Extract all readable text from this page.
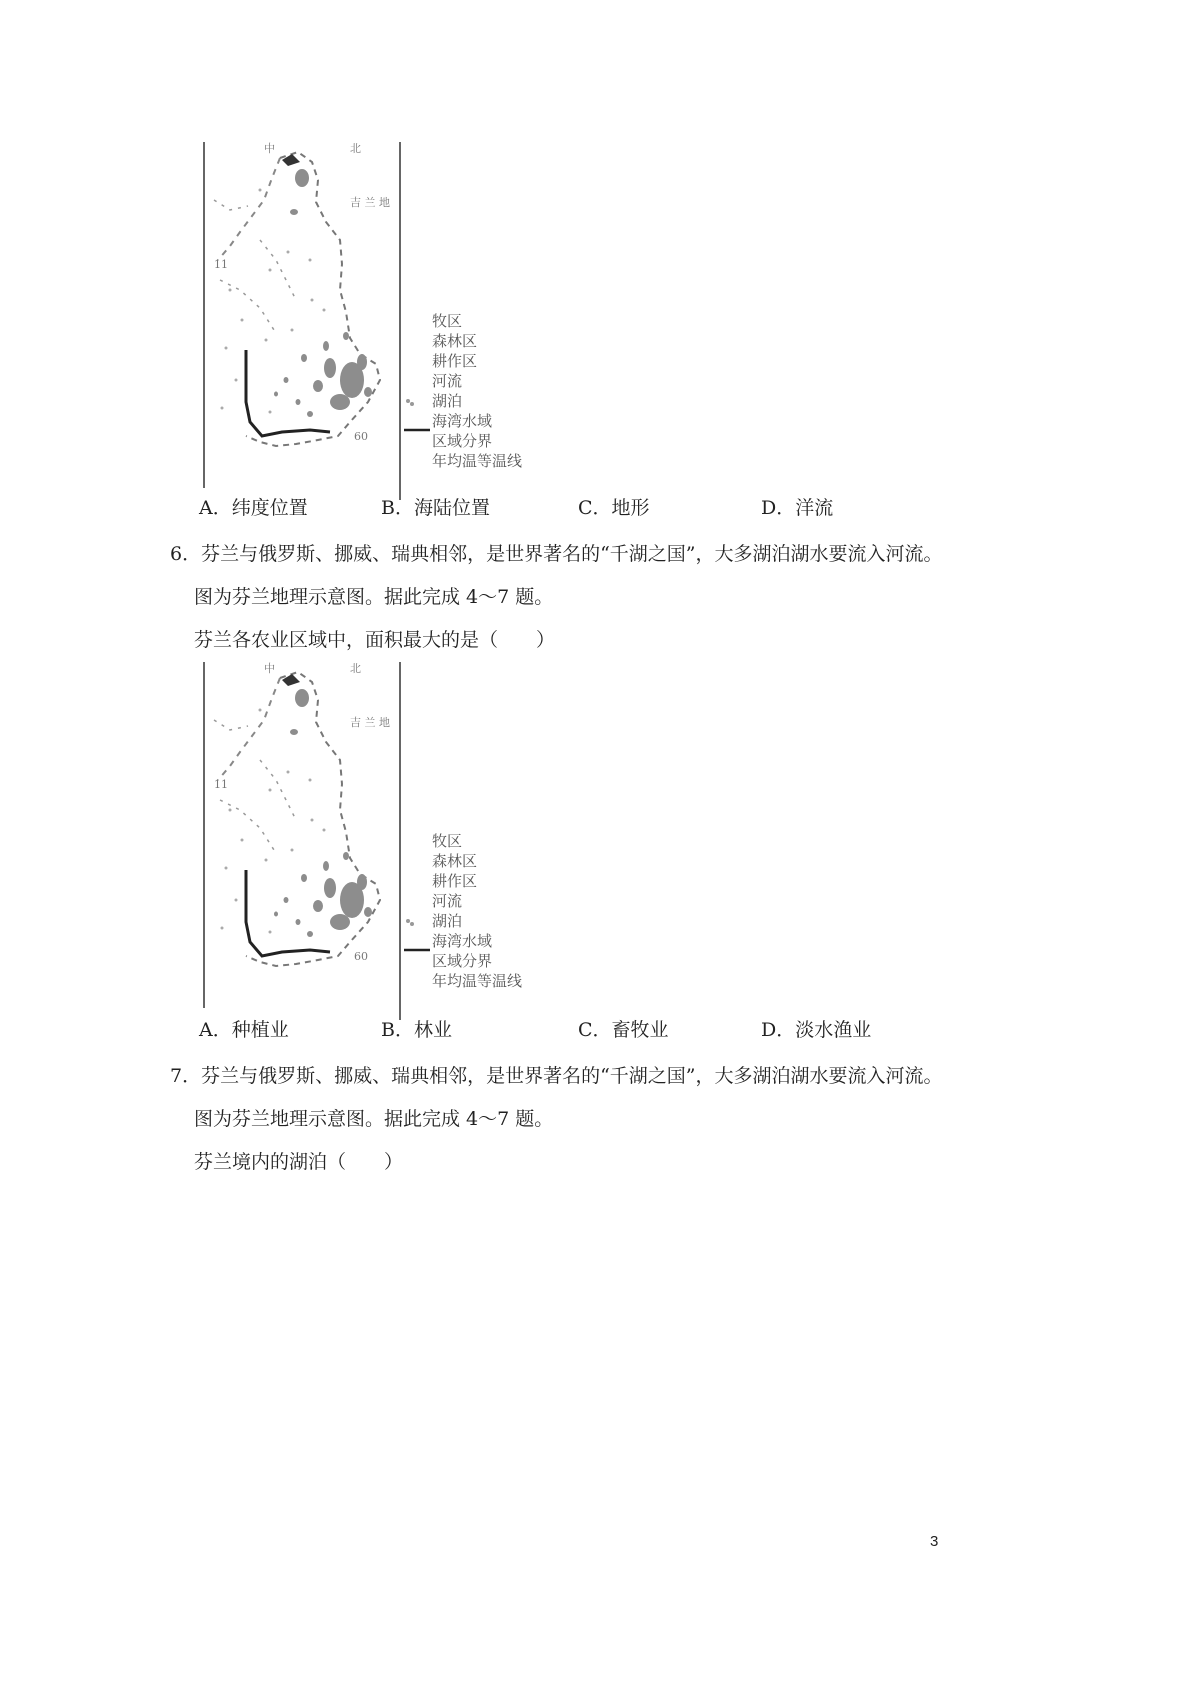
中	北
吉 兰 地
11
60
牧区
森林区
耕作区
河流
湖泊
海湾水域
区域分界
年均温等温线
A．纬度位置	B．海陆位置	C．地形	D．洋流
6．芬兰与俄罗斯、挪威、瑞典相邻，是世界著名的“千湖之国”，大多湖泊湖水要流入河流。
图为芬兰地理示意图。据此完成 4～7 题。
芬兰各农业区域中，面积最大的是（　　）
中	北
吉 兰 地
11
60
牧区
森林区
耕作区
河流
湖泊
海湾水域
区域分界
年均温等温线
A．种植业	B．林业	C．畜牧业	D．淡水渔业
7．芬兰与俄罗斯、挪威、瑞典相邻，是世界著名的“千湖之国”，大多湖泊湖水要流入河流。
图为芬兰地理示意图。据此完成 4～7 题。
芬兰境内的湖泊（　　）
3
